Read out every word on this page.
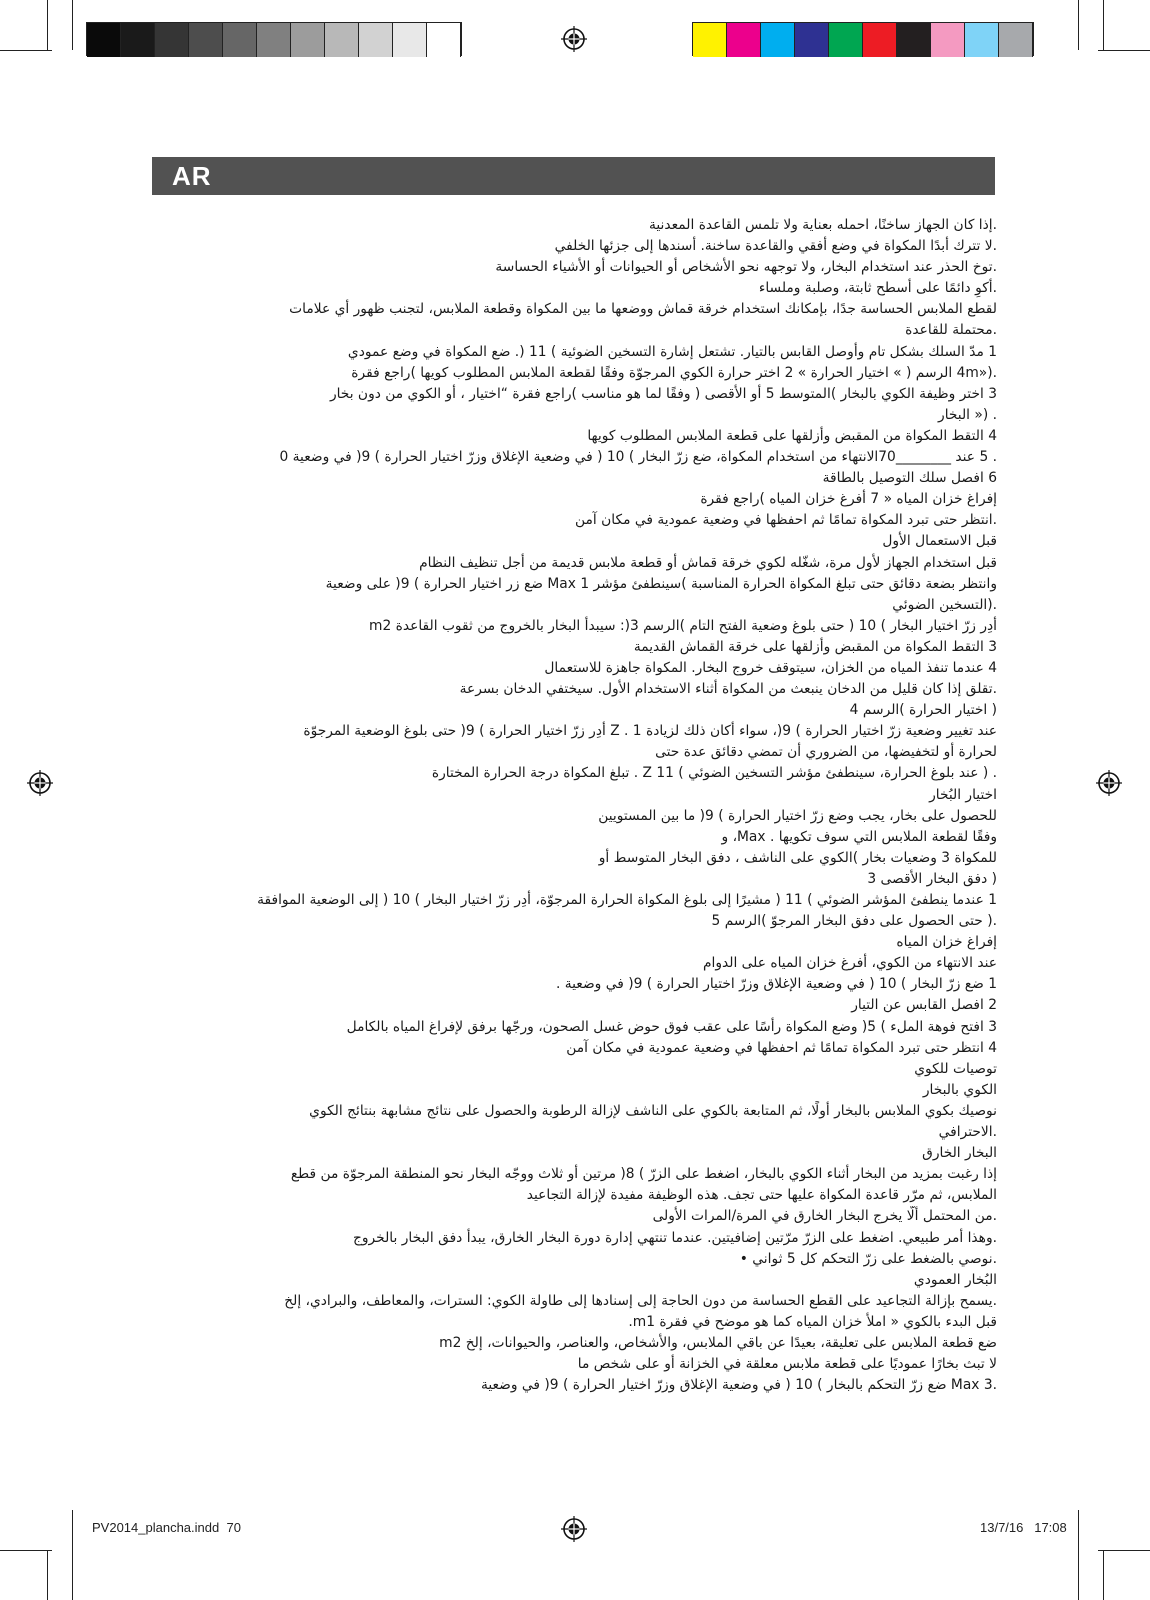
AR
.إذا كان الجهاز ساخنًا، احمله بعناية ولا تلمس القاعدة المعدنية
.لا تترك أبدًا المكواة في وضع أفقي والقاعدة ساخنة. أسندها إلى جزئها الخلفي
.توخ الحذر عند استخدام البخار، ولا توجهه نحو الأشخاص أو الحيوانات أو الأشياء الحساسة
.أكوِ دائمًا على أسطح ثابتة، وصلبة وملساء
لقطع الملابس الحساسة جدًا، بإمكانك استخدام خرقة قماش ووضعها ما بين المكواة وقطعة الملابس، لتجنب ظهور أي علامات
.محتملة للقاعدة
1 مدّ السلك بشكل تام وأوصل القابس بالتيار. تشتعل إشارة التسخين الضوئية ) 11 (. ضع المكواة في وضع عمودي
.(«4m الرسم ( » اختيار الحرارة » 2 اختر حرارة الكوي المرجوّة وفقًا لقطعة الملابس المطلوب كويها )راجع فقرة
3 اختر وظيفة الكوي بالبخار )المتوسط 5 أو الأقصى ( وفقًا لما هو مناسب )راجع فقرة “اختيار ، أو الكوي من دون بخار
. (« البخار
4 التقط المكواة من المقبض وأزلقها على قطعة الملابس المطلوب كويها
. 5 عند ________70الانتهاء من استخدام المكواة، ضع زرّ البخار ) 10 ( في وضعية الإغلاق وزرّ اختيار الحرارة ) 9( في وضعية 0
6 افصل سلك التوصيل بالطاقة
إفراغ خزان المياه « 7 أفرغ خزان المياه )راجع فقرة
.انتظر حتى تبرد المكواة تمامًا ثم احفظها في وضعية عمودية في مكان آمن
قبل الاستعمال الأول
قبل استخدام الجهاز لأول مرة، شغّله لكوي خرقة قماش أو قطعة ملابس قديمة من أجل تنظيف النظام
وانتظر بضعة دقائق حتى تبلغ المكواة الحرارة المناسبة )سينطفئ مؤشر Max 1 ضع زر اختيار الحرارة ) 9( على وضعية
.(التسخين الضوئي
أدِر زرّ اختيار البخار ) 10 ( حتى بلوغ وضعية الفتح التام )الرسم 3(: سيبدأ البخار بالخروج من ثقوب القاعدة m2
3 التقط المكواة من المقبض وأزلقها على خرقة القماش القديمة
4 عندما تنفذ المياه من الخزان، سيتوقف خروج البخار. المكواة جاهزة للاستعمال
.تقلق إذا كان قليل من الدخان ينبعث من المكواة أثناء الاستخدام الأول. سيختفي الدخان بسرعة
( اختيار الحرارة )الرسم 4
عند تغيير وضعية زرّ اختيار الحرارة ) 9(، سواء أكان ذلك لزيادة Z . 1 أدِر زرّ اختيار الحرارة ) 9( حتى بلوغ الوضعية المرجوّة
لحرارة أو لتخفيضها، من الضروري أن تمضي دقائق عدة حتى
. ( عند بلوغ الحرارة، سينطفئ مؤشر التسخين الضوئي ) Z 11 . تبلغ المكواة درجة الحرارة المختارة
اختيار البُخار
للحصول على بخار، يجب وضع زرّ اختيار الحرارة ) 9( ما بين المستويين
وفقًا لقطعة الملابس التي سوف تكويها . Max، و
للمكواة 3 وضعيات بخار )الكوي على الناشف ، دفق البخار المتوسط أو
( دفق البخار الأقصى 3
1 عندما ينطفئ المؤشر الضوئي ) 11 ( مشيرًا إلى بلوغ المكواة الحرارة المرجوّة، أدِر زرّ اختيار البخار ) 10 ( إلى الوضعية الموافقة
.( حتى الحصول على دفق البخار المرجوّ )الرسم 5
إفراغ خزان المياه
عند الانتهاء من الكوي، أفرغ خزان المياه على الدوام
1 ضع زرّ البخار ) 10 ( في وضعية الإغلاق وزرّ اختيار الحرارة ) 9( في وضعية .
2 افصل القابس عن التيار
3 افتح فوهة الملء ) 5( وضع المكواة رأسًا على عقب فوق حوض غسل الصحون، ورجّها برفق لإفراغ المياه بالكامل
4 انتظر حتى تبرد المكواة تمامًا ثم احفظها في وضعية عمودية في مكان آمن
توصيات للكوي
الكوي بالبخار
نوصيك بكوي الملابس بالبخار أولًا، ثم المتابعة بالكوي على الناشف لإزالة الرطوبة والحصول على نتائج مشابهة بنتائج الكوي
.الاحترافي
البخار الخارق
إذا رغبت بمزيد من البخار أثناء الكوي بالبخار، اضغط على الزرّ ) 8( مرتين أو ثلاث ووجّه البخار نحو المنطقة المرجوّة من قطع
الملابس، ثم مرّر قاعدة المكواة عليها حتى تجف. هذه الوظيفة مفيدة لإزالة التجاعيد
.من المحتمل ألّا يخرج البخار الخارق في المرة/المرات الأولى
.وهذا أمر طبيعي. اضغط على الزرّ مرّتين إضافيتين. عندما تنتهي إدارة دورة البخار الخارق، يبدأ دفق البخار بالخروج
.نوصي بالضغط على زرّ التحكم كل 5 ثواني •
البُخار العمودي
.يسمح بإزالة التجاعيد على القطع الحساسة من دون الحاجة إلى إسنادها إلى طاولة الكوي: السترات، والمعاطف، والبرادي، إلخ
قبل البدء بالكوي « املأ خزان المياه كما هو موضح في فقرة m1.
ضع قطعة الملابس على تعليقة، بعيدًا عن باقي الملابس، والأشخاص، والعناصر، والحيوانات، إلخ m2
لا تبث بخارًا عموديًا على قطعة ملابس معلقة في الخزانة أو على شخص ما
.Max 3 ضع زرّ التحكم بالبخار ) 10 ( في وضعية الإغلاق وزرّ اختيار الحرارة ) 9( في وضعية
PV2014_plancha.indd 70	13/7/16 17:08
